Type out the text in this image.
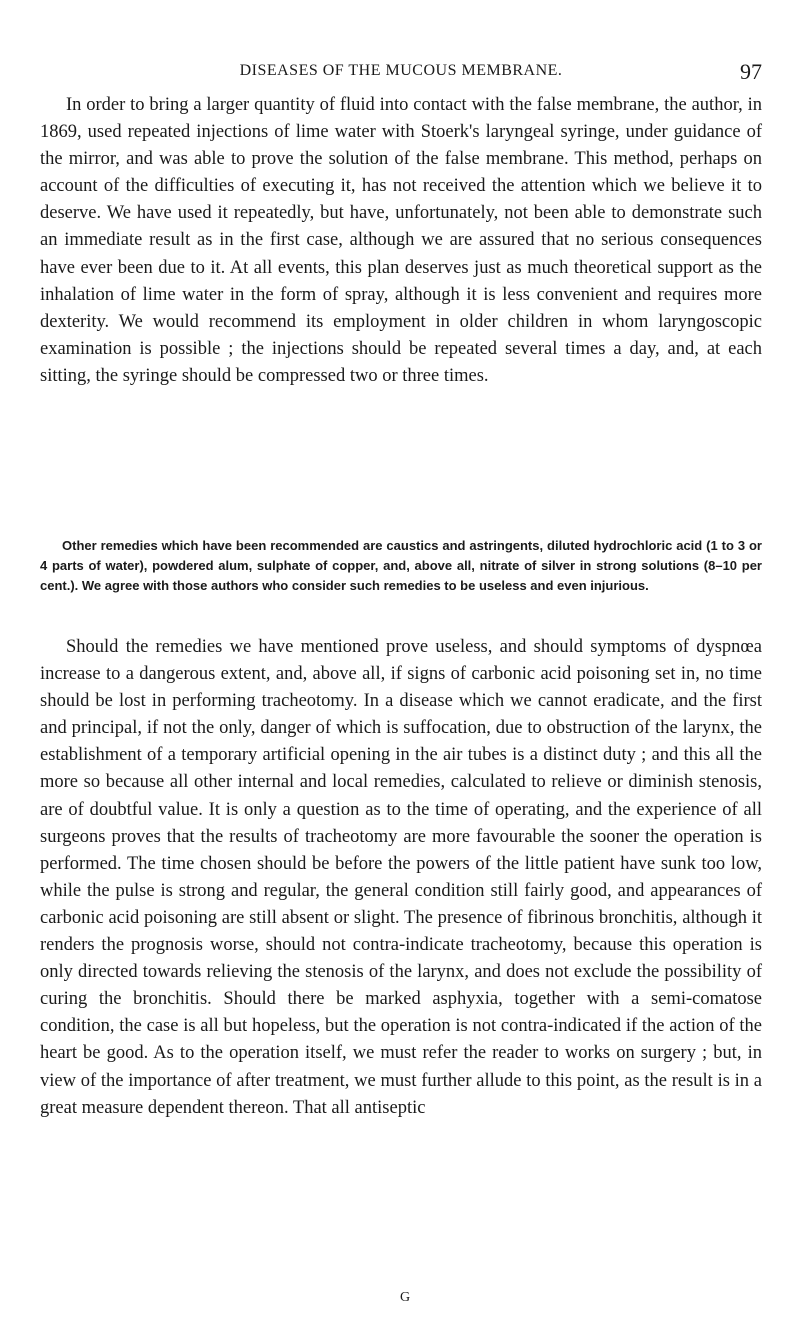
DISEASES OF THE MUCOUS MEMBRANE.	97

In order to bring a larger quantity of fluid into contact with the false membrane, the author, in 1869, used repeated injections of lime water with Stoerk's laryngeal syringe, under guidance of the mirror, and was able to prove the solution of the false membrane. This method, perhaps on account of the difficulties of executing it, has not received the attention which we believe it to deserve. We have used it repeatedly, but have, unfortunately, not been able to demonstrate such an immediate result as in the first case, although we are assured that no serious consequences have ever been due to it. At all events, this plan deserves just as much theoretical support as the inhalation of lime water in the form of spray, although it is less convenient and requires more dexterity. We would recommend its employment in older children in whom laryngoscopic examination is possible ; the injections should be repeated several times a day, and, at each sitting, the syringe should be compressed two or three times.

Other remedies which have been recommended are caustics and astringents, diluted hydrochloric acid (1 to 3 or 4 parts of water), powdered alum, sulphate of copper, and, above all, nitrate of silver in strong solutions (8–10 per cent.). We agree with those authors who consider such remedies to be useless and even injurious.

Should the remedies we have mentioned prove useless, and should symptoms of dyspnœa increase to a dangerous extent, and, above all, if signs of carbonic acid poisoning set in, no time should be lost in performing tracheotomy. In a disease which we cannot eradicate, and the first and principal, if not the only, danger of which is suffocation, due to obstruction of the larynx, the establishment of a temporary artificial opening in the air tubes is a distinct duty ; and this all the more so because all other internal and local remedies, calculated to relieve or diminish stenosis, are of doubtful value. It is only a question as to the time of operating, and the experience of all surgeons proves that the results of tracheotomy are more favourable the sooner the operation is performed. The time chosen should be before the powers of the little patient have sunk too low, while the pulse is strong and regular, the general condition still fairly good, and appearances of carbonic acid poisoning are still absent or slight. The presence of fibrinous bronchitis, although it renders the prognosis worse, should not contra-indicate tracheotomy, because this operation is only directed towards relieving the stenosis of the larynx, and does not exclude the possibility of curing the bronchitis. Should there be marked asphyxia, together with a semi-comatose condition, the case is all but hopeless, but the operation is not contra-indicated if the action of the heart be good. As to the operation itself, we must refer the reader to works on surgery ; but, in view of the importance of after treatment, we must further allude to this point, as the result is in a great measure dependent thereon. That all antiseptic

G
